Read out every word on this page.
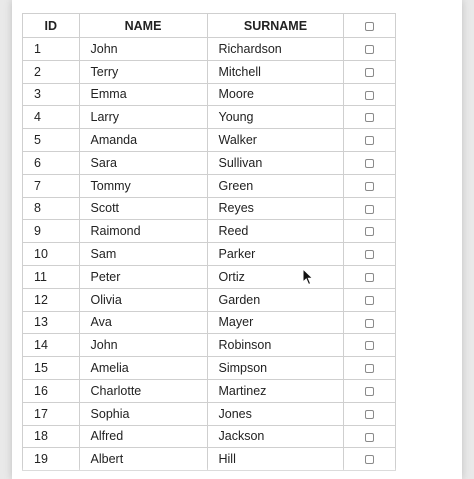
ID	NAME	SURNAME	
1	John	Richardson	
2	Terry	Mitchell	
3	Emma	Moore	
4	Larry	Young	
5	Amanda	Walker	
6	Sara	Sullivan	
7	Tommy	Green	
8	Scott	Reyes	
9	Raimond	Reed	
10	Sam	Parker	
11	Peter	Ortiz	
12	Olivia	Garden	
13	Ava	Mayer	
14	John	Robinson	
15	Amelia	Simpson	
16	Charlotte	Martinez	
17	Sophia	Jones	
18	Alfred	Jackson	
19	Albert	Hill	
